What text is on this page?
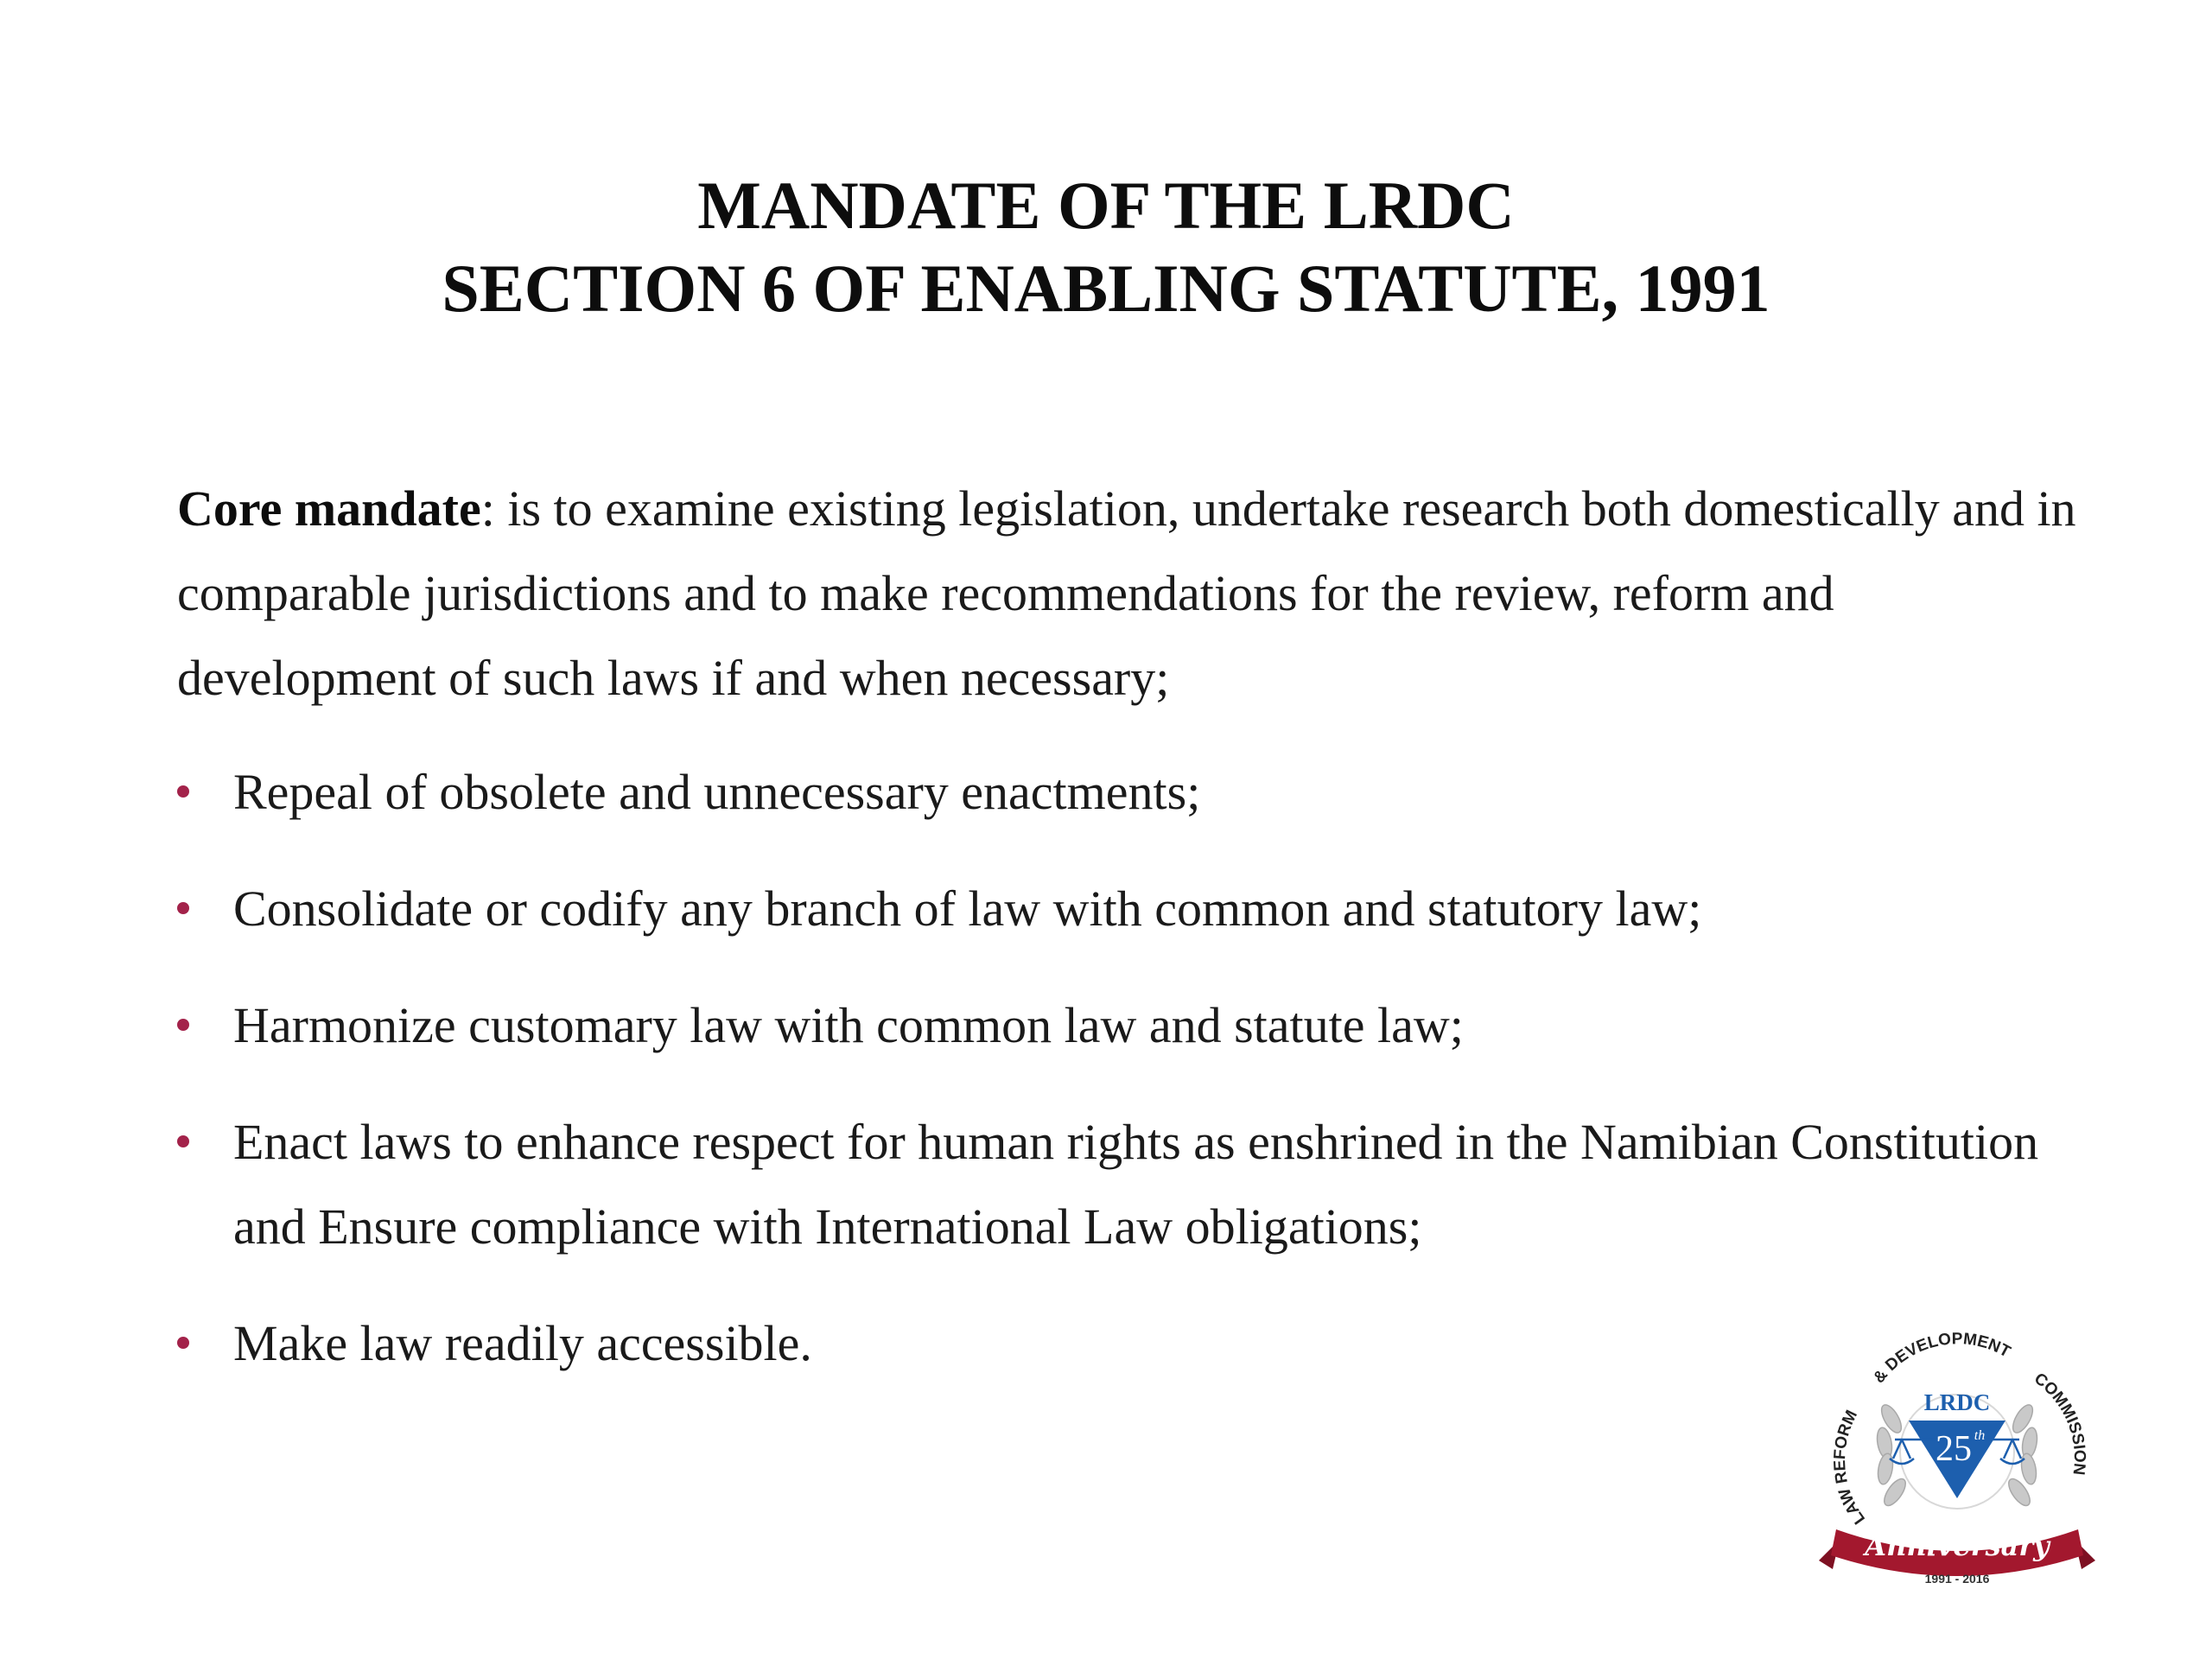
MANDATE OF THE LRDC
SECTION 6 OF ENABLING STATUTE, 1991

Core mandate: is to examine existing legislation, undertake research both domestically and in comparable jurisdictions and to make recommendations for the review, reform and development of such laws if and when necessary;

Repeal of obsolete and unnecessary enactments;
Consolidate or codify any branch of law with common and statutory law;
Harmonize customary law with common law and statute law;
Enact laws to enhance respect for human rights as enshrined in the Namibian Constitution and Ensure compliance with International Law obligations;
Make law readily accessible.
LAW REFORM
& DEVELOPMENT
COMMISSION
LRDC
25 th
Anniversary
1991 - 2016
